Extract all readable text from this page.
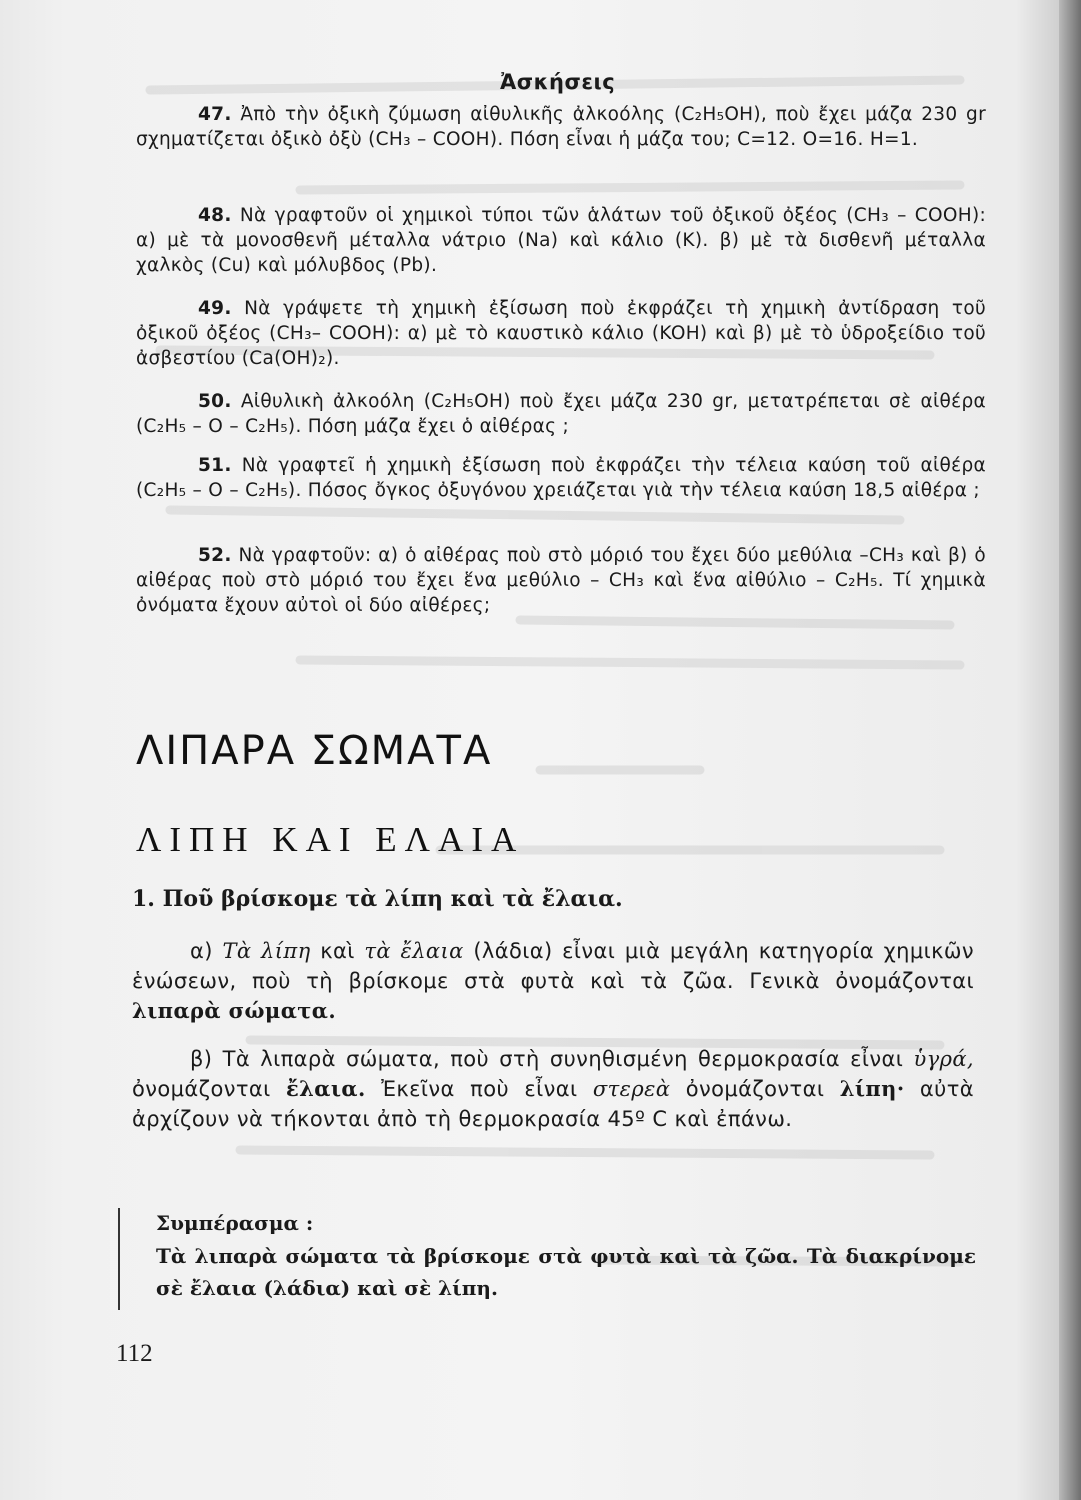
Ἀσκήσεις

47. Ἀπὸ τὴν ὀξικὴ ζύμωση αἰθυλικῆς ἀλκοόλης (C₂H₅OH), ποὺ ἔχει μάζα 230 gr σχηματίζεται ὀξικὸ ὀξὺ (CH₃ – COOH). Πόση εἶναι ἡ μάζα του; C=12. O=16. H=1.

48. Νὰ γραφτοῦν οἱ χημικοὶ τύποι τῶν ἁλάτων τοῦ ὀξικοῦ ὀξέος (CH₃ – COOH): α) μὲ τὰ μονοσθενῆ μέταλλα νάτριο (Na) καὶ κάλιο (K). β) μὲ τὰ δισθενῆ μέταλλα χαλκὸς (Cu) καὶ μόλυβδος (Pb).

49. Νὰ γράψετε τὴ χημικὴ ἐξίσωση ποὺ ἐκφράζει τὴ χημικὴ ἀντίδραση τοῦ ὀξικοῦ ὀξέος (CH₃– COOH): α) μὲ τὸ καυστικὸ κάλιο (KOH) καὶ β) μὲ τὸ ὑδροξείδιο τοῦ ἀσβεστίου (Ca(OH)₂).

50. Αἰθυλικὴ ἀλκοόλη (C₂H₅OH) ποὺ ἔχει μάζα 230 gr, μετατρέπεται σὲ αἰθέρα (C₂H₅ – O – C₂H₅). Πόση μάζα ἔχει ὁ αἰθέρας ;

51. Νὰ γραφτεῖ ἡ χημικὴ ἐξίσωση ποὺ ἐκφράζει τὴν τέλεια καύση τοῦ αἰθέρα (C₂H₅ – O – C₂H₅). Πόσος ὄγκος ὀξυγόνου χρειάζεται γιὰ τὴν τέλεια καύση 18,5 αἰθέρα ;

52. Νὰ γραφτοῦν: α) ὁ αἰθέρας ποὺ στὸ μόριό του ἔχει δύο μεθύλια –CH₃ καὶ β) ὁ αἰθέρας ποὺ στὸ μόριό του ἔχει ἕνα μεθύλιο – CH₃ καὶ ἕνα αἰθύλιο – C₂H₅. Τί χημικὰ ὀνόματα ἔχουν αὐτοὶ οἱ δύο αἰθέρες;

ΛΙΠΑΡΑ ΣΩΜΑΤΑ
ΛΙΠΗ ΚΑΙ ΕΛΑΙΑ
1. Ποῦ βρίσκομε τὰ λίπη καὶ τὰ ἔλαια.

α) Τὰ λίπη καὶ τὰ ἔλαια (λάδια) εἶναι μιὰ μεγάλη κατηγορία χημικῶν ἑνώσεων, ποὺ τὴ βρίσκομε στὰ φυτὰ καὶ τὰ ζῶα. Γενικὰ ὀνομάζονται λιπαρὰ σώματα.

β) Τὰ λιπαρὰ σώματα, ποὺ στὴ συνηθισμένη θερμοκρασία εἶναι ὑγρά, ὀνομάζονται ἔλαια. Ἐκεῖνα ποὺ εἶναι στερεὰ ὀνομάζονται λίπη· αὐτὰ ἀρχίζουν νὰ τήκονται ἀπὸ τὴ θερμοκρασία 45º C καὶ ἐπάνω.

Συμπέρασμα :

Τὰ λιπαρὰ σώματα τὰ βρίσκομε στὰ φυτὰ καὶ τὰ ζῶα. Τὰ διακρίνομε σὲ ἔλαια (λάδια) καὶ σὲ λίπη.

112
